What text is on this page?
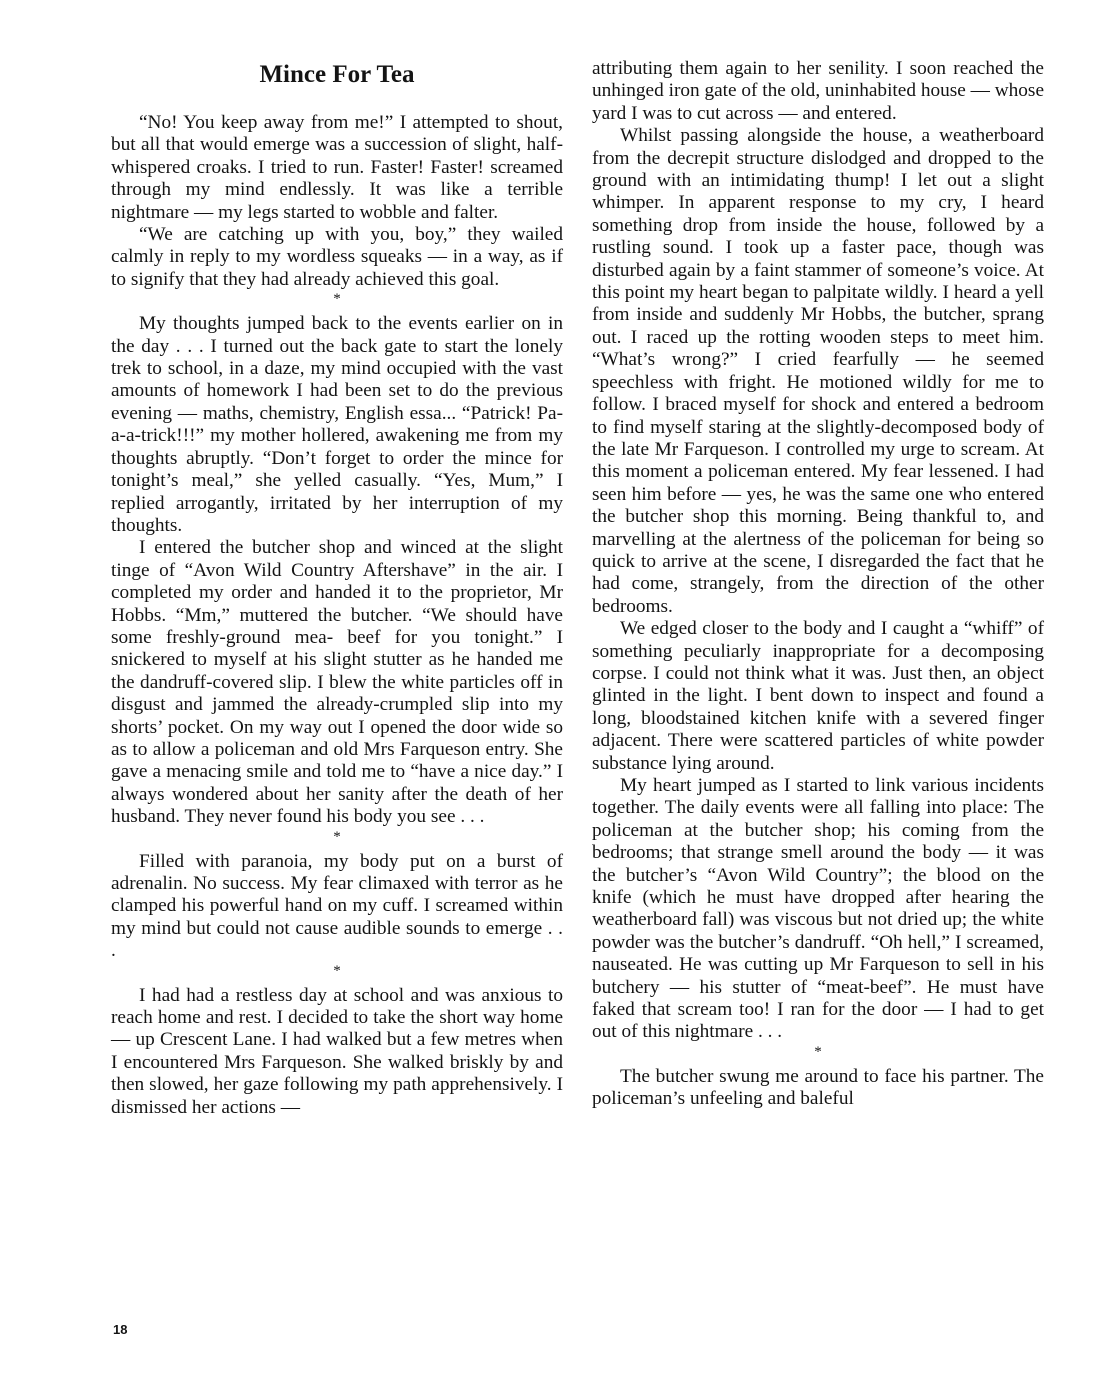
Mince For Tea

“No! You keep away from me!” I attempted to shout, but all that would emerge was a succession of slight, half-whispered croaks. I tried to run. Faster! Faster! screamed through my mind endlessly. It was like a terrible nightmare — my legs started to wobble and falter.

“We are catching up with you, boy,” they wailed calmly in reply to my wordless squeaks — in a way, as if to signify that they had already achieved this goal.

*

My thoughts jumped back to the events earlier on in the day . . . I turned out the back gate to start the lonely trek to school, in a daze, my mind occupied with the vast amounts of homework I had been set to do the previous evening — maths, chemistry, English essa... “Patrick! Pa-a-a-trick!!!” my mother hollered, awakening me from my thoughts abruptly. “Don’t forget to order the mince for tonight’s meal,” she yelled casually. “Yes, Mum,” I replied arrogantly, irritated by her interruption of my thoughts.

I entered the butcher shop and winced at the slight tinge of “Avon Wild Country Aftershave” in the air. I completed my order and handed it to the proprietor, Mr Hobbs. “Mm,” muttered the butcher. “We should have some freshly-ground mea- beef for you tonight.” I snickered to myself at his slight stutter as he handed me the dandruff-covered slip. I blew the white particles off in disgust and jammed the already-crumpled slip into my shorts’ pocket. On my way out I opened the door wide so as to allow a policeman and old Mrs Farqueson entry. She gave a menacing smile and told me to “have a nice day.” I always wondered about her sanity after the death of her husband. They never found his body you see . . .

*

Filled with paranoia, my body put on a burst of adrenalin. No success. My fear climaxed with terror as he clamped his powerful hand on my cuff. I screamed within my mind but could not cause audible sounds to emerge . . .

*

I had had a restless day at school and was anxious to reach home and rest. I decided to take the short way home — up Crescent Lane. I had walked but a few metres when I encountered Mrs Farqueson. She walked briskly by and then slowed, her gaze following my path apprehensively. I dismissed her actions —

attributing them again to her senility. I soon reached the unhinged iron gate of the old, uninhabited house — whose yard I was to cut across — and entered.

Whilst passing alongside the house, a weatherboard from the decrepit structure dislodged and dropped to the ground with an intimidating thump! I let out a slight whimper. In apparent response to my cry, I heard something drop from inside the house, followed by a rustling sound. I took up a faster pace, though was disturbed again by a faint stammer of someone’s voice. At this point my heart began to palpitate wildly. I heard a yell from inside and suddenly Mr Hobbs, the butcher, sprang out. I raced up the rotting wooden steps to meet him. “What’s wrong?” I cried fearfully — he seemed speechless with fright. He motioned wildly for me to follow. I braced myself for shock and entered a bedroom to find myself staring at the slightly-decomposed body of the late Mr Farqueson. I controlled my urge to scream. At this moment a policeman entered. My fear lessened. I had seen him before — yes, he was the same one who entered the butcher shop this morning. Being thankful to, and marvelling at the alertness of the policeman for being so quick to arrive at the scene, I disregarded the fact that he had come, strangely, from the direction of the other bedrooms.

We edged closer to the body and I caught a “whiff” of something peculiarly inappropriate for a decomposing corpse. I could not think what it was. Just then, an object glinted in the light. I bent down to inspect and found a long, bloodstained kitchen knife with a severed finger adjacent. There were scattered particles of white powder substance lying around.

My heart jumped as I started to link various incidents together. The daily events were all falling into place: The policeman at the butcher shop; his coming from the bedrooms; that strange smell around the body — it was the butcher’s “Avon Wild Country”; the blood on the knife (which he must have dropped after hearing the weatherboard fall) was viscous but not dried up; the white powder was the butcher’s dandruff. “Oh hell,” I screamed, nauseated. He was cutting up Mr Farqueson to sell in his butchery — his stutter of “meat-beef”. He must have faked that scream too! I ran for the door — I had to get out of this nightmare . . .

*

The butcher swung me around to face his partner. The policeman’s unfeeling and baleful

18
